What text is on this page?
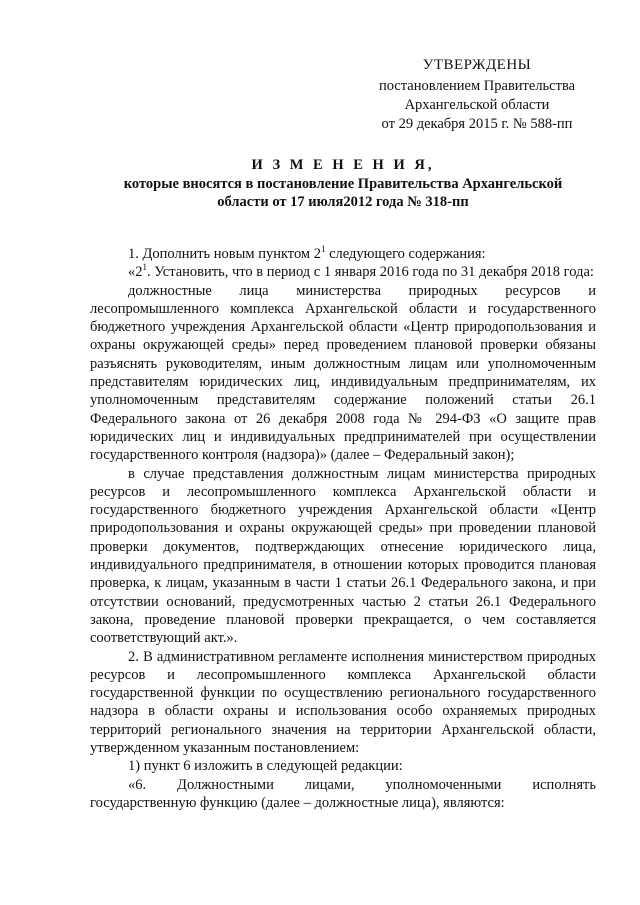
УТВЕРЖДЕНЫ
постановлением Правительства
Архангельской области
от 29 декабря 2015 г. № 588-пп
И З М Е Н Е Н И Я,
которые вносятся в постановление Правительства Архангельской
области от 17 июля2012 года № 318-пп

1. Дополнить новым пунктом $2^1$ следующего содержания:

«$2^1$. Установить, что в период с 1 января 2016 года по 31 декабря 2018 года:

должностные лица министерства природных ресурсов и лесопромышленного комплекса Архангельской области и государственного бюджетного учреждения Архангельской области «Центр природопользования и охраны окружающей среды» перед проведением плановой проверки обязаны разъяснять руководителям, иным должностным лицам или уполномоченным представителям юридических лиц, индивидуальным предпринимателям, их уполномоченным представителям содержание положений статьи 26.1 Федерального закона от 26 декабря 2008 года № 294-ФЗ «О защите прав юридических лиц и индивидуальных предпринимателей при осуществлении государственного контроля (надзора)» (далее – Федеральный закон);

в случае представления должностным лицам министерства природных ресурсов и лесопромышленного комплекса Архангельской области и государственного бюджетного учреждения Архангельской области «Центр природопользования и охраны окружающей среды» при проведении плановой проверки документов, подтверждающих отнесение юридического лица, индивидуального предпринимателя, в отношении которых проводится плановая проверка, к лицам, указанным в части 1 статьи 26.1 Федерального закона, и при отсутствии оснований, предусмотренных частью 2 статьи 26.1 Федерального закона, проведение плановой проверки прекращается, о чем составляется соответствующий акт.».

2. В административном регламенте исполнения министерством природных ресурсов и лесопромышленного комплекса Архангельской области государственной функции по осуществлению регионального государственного надзора в области охраны и использования особо охраняемых природных территорий регионального значения на территории Архангельской области, утвержденном указанным постановлением:

1) пункт 6 изложить в следующей редакции:

«6. Должностными лицами, уполномоченными исполнять государственную функцию (далее – должностные лица), являются:
